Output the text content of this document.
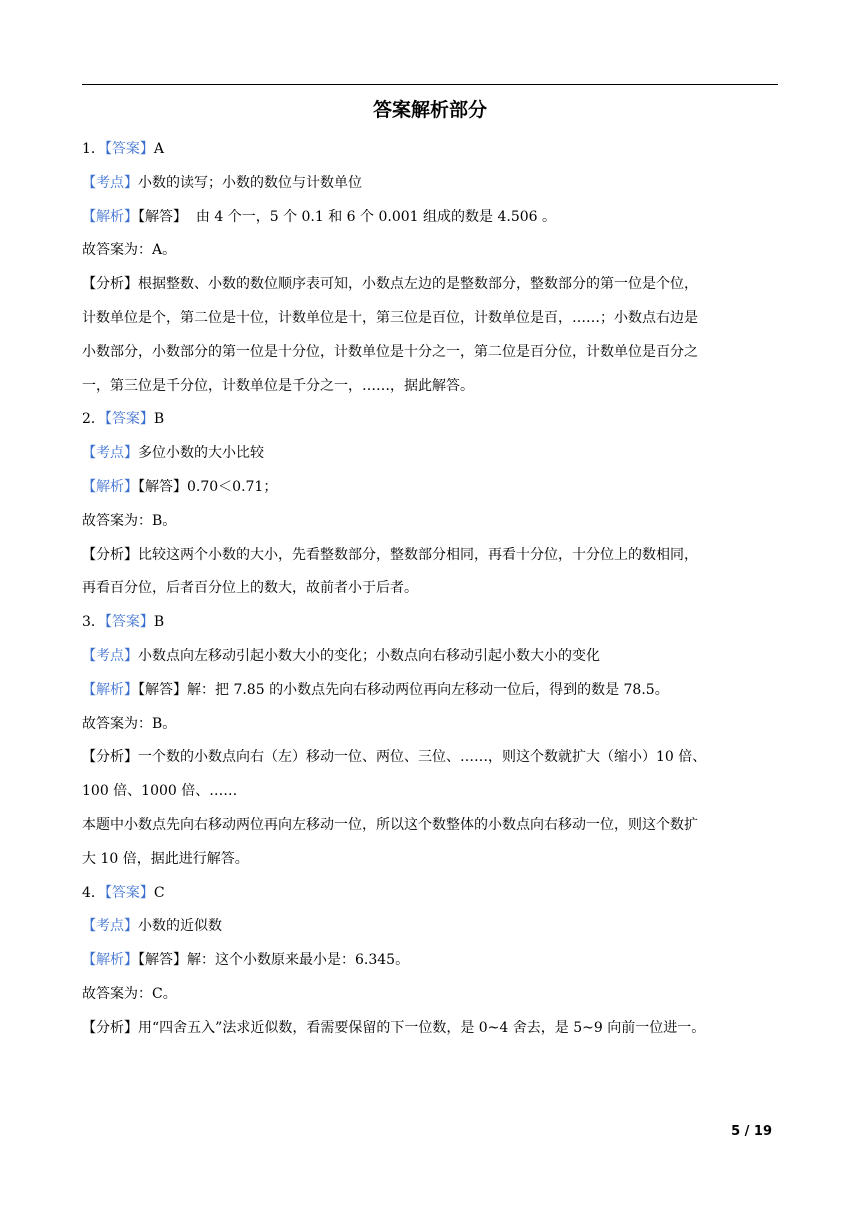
答案解析部分
1．【答案】A
【考点】小数的读写；小数的数位与计数单位
【解析】【解答】  由 4 个一，5 个 0.1 和 6 个 0.001 组成的数是 4.506 。
故答案为：A。
【分析】根据整数、小数的数位顺序表可知，小数点左边的是整数部分，整数部分的第一位是个位，
计数单位是个，第二位是十位，计数单位是十，第三位是百位，计数单位是百，……；小数点右边是
小数部分，小数部分的第一位是十分位，计数单位是十分之一，第二位是百分位，计数单位是百分之
一，第三位是千分位，计数单位是千分之一，……，据此解答。
2．【答案】B
【考点】多位小数的大小比较
【解析】【解答】0.70＜0.71；
故答案为：B。
【分析】比较这两个小数的大小，先看整数部分，整数部分相同，再看十分位，十分位上的数相同，
再看百分位，后者百分位上的数大，故前者小于后者。
3．【答案】B
【考点】小数点向左移动引起小数大小的变化；小数点向右移动引起小数大小的变化
【解析】【解答】解：把 7.85 的小数点先向右移动两位再向左移动一位后，得到的数是 78.5。
故答案为：B。
【分析】一个数的小数点向右（左）移动一位、两位、三位、……，则这个数就扩大（缩小）10 倍、
100 倍、1000 倍、……
本题中小数点先向右移动两位再向左移动一位，所以这个数整体的小数点向右移动一位，则这个数扩
大 10 倍，据此进行解答。
4．【答案】C
【考点】小数的近似数
【解析】【解答】解：这个小数原来最小是：6.345。
故答案为：C。
【分析】用“四舍五入”法求近似数，看需要保留的下一位数，是 0~4 舍去，是 5~9 向前一位进一。
5 / 19
